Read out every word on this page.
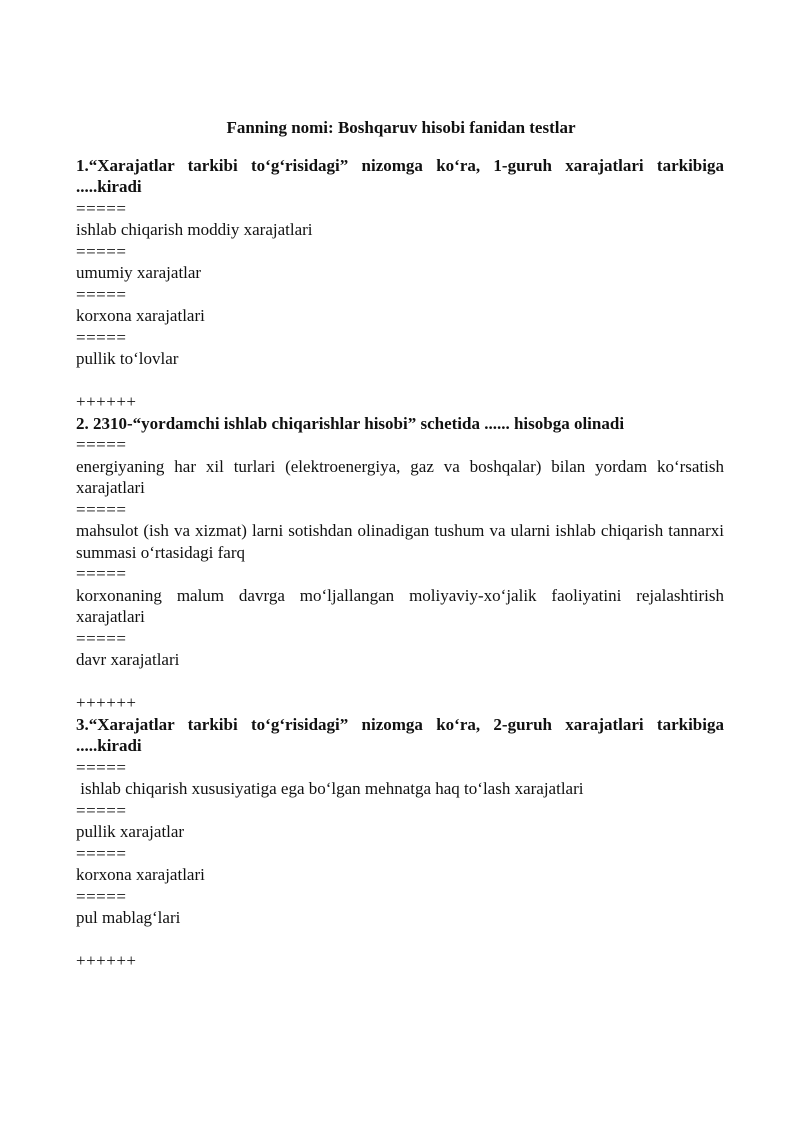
Fanning nomi: Boshqaruv hisobi fanidan testlar

1.“Xarajatlar tarkibi to‘g‘risidagi” nizomga ko‘ra, 1-guruh xarajatlari tarkibiga .....kiradi

=====

ishlab chiqarish moddiy xarajatlari

=====

umumiy xarajatlar

=====

korxona xarajatlari

=====

pullik to‘lovlar

++++++

2. 2310-“yordamchi ishlab chiqarishlar hisobi” schetida ...... hisobga olinadi

=====

energiyaning har xil turlari (elektroenergiya, gaz va boshqalar) bilan yordam ko‘rsatish xarajatlari

=====

mahsulot (ish va xizmat) larni sotishdan olinadigan tushum va ularni ishlab chiqarish tannarxi summasi o‘rtasidagi farq

=====

korxonaning malum davrga mo‘ljallangan moliyaviy-xo‘jalik faoliyatini rejalashtirish xarajatlari

=====

davr xarajatlari

++++++

3.“Xarajatlar tarkibi to‘g‘risidagi” nizomga ko‘ra, 2-guruh xarajatlari tarkibiga .....kiradi

=====

ishlab chiqarish xususiyatiga ega bo‘lgan mehnatga haq to‘lash xarajatlari

=====

pullik xarajatlar

=====

korxona xarajatlari

=====

pul mablag‘lari

++++++
